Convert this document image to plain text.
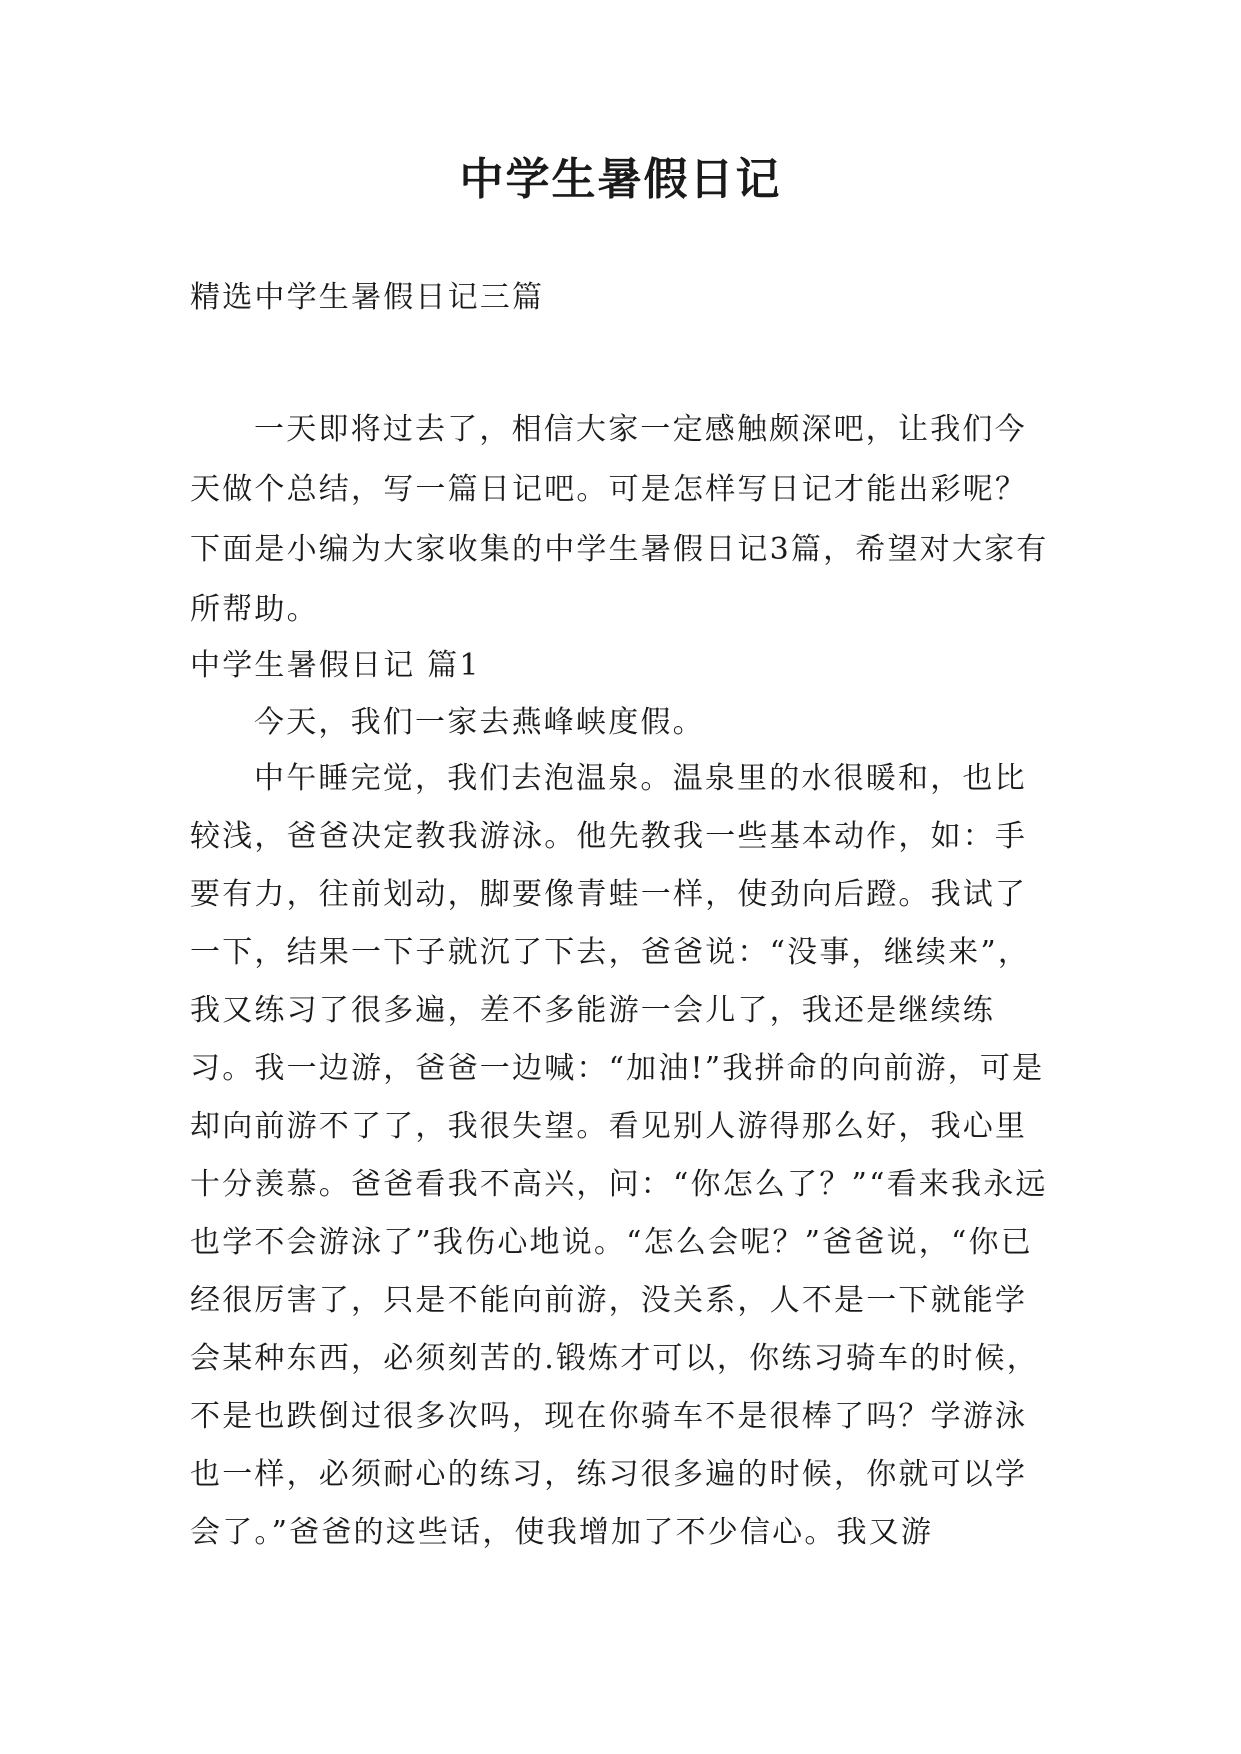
中学生暑假日记

精选中学生暑假日记三篇

一天即将过去了，相信大家一定感触颇深吧，让我们今天做个总结，写一篇日记吧。可是怎样写日记才能出彩呢？下面是小编为大家收集的中学生暑假日记3篇，希望对大家有所帮助。

中学生暑假日记 篇1

今天，我们一家去燕峰峡度假。

中午睡完觉，我们去泡温泉。温泉里的水很暖和，也比较浅，爸爸决定教我游泳。他先教我一些基本动作，如：手要有力，往前划动，脚要像青蛙一样，使劲向后蹬。我试了一下，结果一下子就沉了下去，爸爸说：“没事，继续来”，我又练习了很多遍，差不多能游一会儿了，我还是继续练习。我一边游，爸爸一边喊：“加油!”我拼命的向前游，可是却向前游不了了，我很失望。看见别人游得那么好，我心里十分羡慕。爸爸看我不高兴，问：“你怎么了？”“看来我永远也学不会游泳了”我伤心地说。“怎么会呢？”爸爸说，“你已经很厉害了，只是不能向前游，没关系，人不是一下就能学会某种东西，必须刻苦的.锻炼才可以，你练习骑车的时候，不是也跌倒过很多次吗，现在你骑车不是很棒了吗？学游泳也一样，必须耐心的练习，练习很多遍的时候，你就可以学会了。”爸爸的这些话，使我增加了不少信心。我又游
